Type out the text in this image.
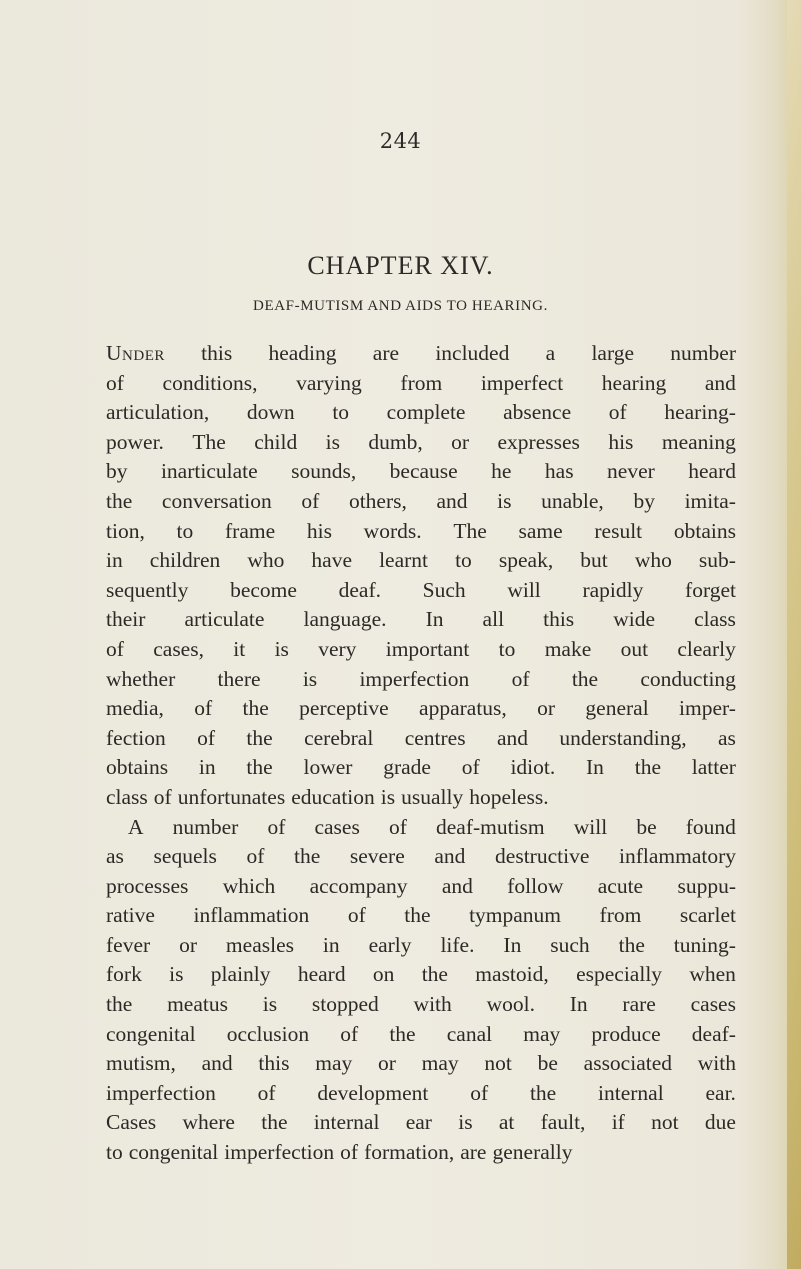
244
CHAPTER XIV.
DEAF-MUTISM AND AIDS TO HEARING.
Under this heading are included a large number
of conditions, varying from imperfect hearing and
articulation, down to complete absence of hearing-
power. The child is dumb, or expresses his meaning
by inarticulate sounds, because he has never heard
the conversation of others, and is unable, by imita-
tion, to frame his words. The same result obtains
in children who have learnt to speak, but who sub-
sequently become deaf. Such will rapidly forget
their articulate language. In all this wide class
of cases, it is very important to make out clearly
whether there is imperfection of the conducting
media, of the perceptive apparatus, or general imper-
fection of the cerebral centres and understanding, as
obtains in the lower grade of idiot. In the latter
class of unfortunates education is usually hopeless.
A number of cases of deaf-mutism will be found
as sequels of the severe and destructive inflammatory
processes which accompany and follow acute suppu-
rative inflammation of the tympanum from scarlet
fever or measles in early life. In such the tuning-
fork is plainly heard on the mastoid, especially when
the meatus is stopped with wool. In rare cases
congenital occlusion of the canal may produce deaf-
mutism, and this may or may not be associated with
imperfection of development of the internal ear.
Cases where the internal ear is at fault, if not due
to congenital imperfection of formation, are generally
